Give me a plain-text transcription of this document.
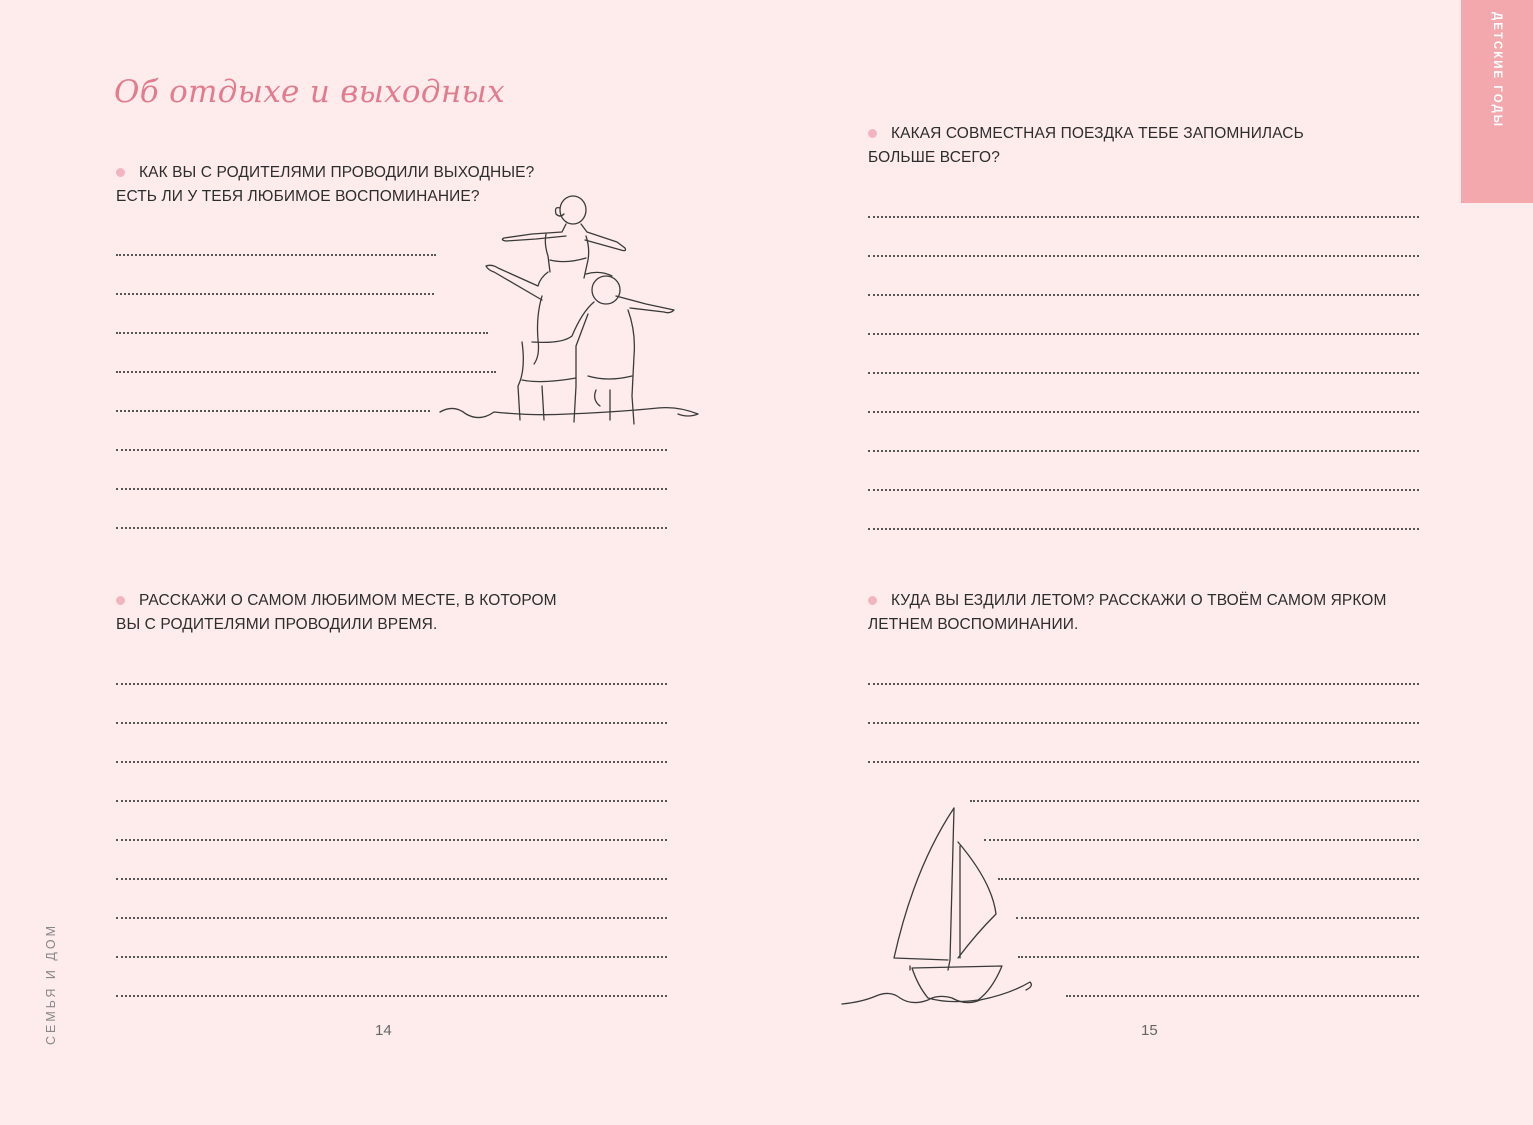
Об отдыхе и выходных
КАК ВЫ С РОДИТЕЛЯМИ ПРОВОДИЛИ ВЫХОДНЫЕ?
ЕСТЬ ЛИ У ТЕБЯ ЛЮБИМОЕ ВОСПОМИНАНИЕ?
РАССКАЖИ О САМОМ ЛЮБИМОМ МЕСТЕ, В КОТОРОМ
ВЫ С РОДИТЕЛЯМИ ПРОВОДИЛИ ВРЕМЯ.
СЕМЬЯ И ДОМ	14
ДЕТСКИЕ ГОДЫ
КАКАЯ СОВМЕСТНАЯ ПОЕЗДКА ТЕБЕ ЗАПОМНИЛАСЬ
БОЛЬШЕ ВСЕГО?
КУДА ВЫ ЕЗДИЛИ ЛЕТОМ? РАССКАЖИ О ТВОЁМ САМОМ ЯРКОМ
ЛЕТНЕМ ВОСПОМИНАНИИ.
15
